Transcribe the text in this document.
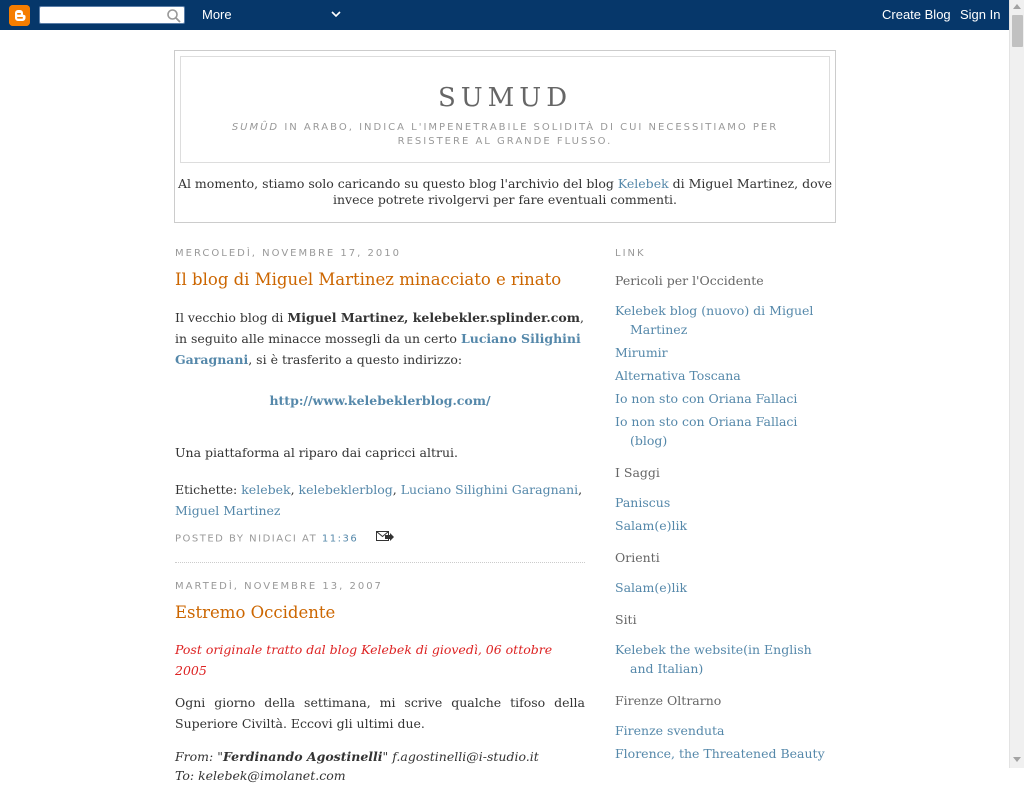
More	Create Blog Sign In
SUMUD
SUMÛD IN ARABO, INDICA L'IMPENETRABILE SOLIDITÀ DI CUI NECESSITIAMO PER RESISTERE AL GRANDE FLUSSO.
Al momento, stiamo solo caricando su questo blog l'archivio del blog Kelebek di Miguel Martinez, dove invece potrete rivolgervi per fare eventuali commenti.
MERCOLEDÌ, NOVEMBRE 17, 2010
Il blog di Miguel Martinez minacciato e rinato

Il vecchio blog di Miguel Martinez, kelebekler.splinder.com, in seguito alle minacce mossegli da un certo Luciano Silighini Garagnani, si è trasferito a questo indirizzo:

http://www.kelebeklerblog.com/

Una piattaforma al riparo dai capricci altrui.

Etichette: kelebek, kelebeklerblog, Luciano Silighini Garagnani, Miguel Martinez

POSTED BY NIDIACI AT 11:36
MARTEDÌ, NOVEMBRE 13, 2007
Estremo Occidente

Post originale tratto dal blog Kelebek di giovedì, 06 ottobre 2005

Ogni giorno della settimana, mi scrive qualche tifoso della Superiore Civiltà. Eccovi gli ultimi due.

From: "Ferdinando Agostinelli" f.agostinelli@i-studio.it

To: kelebek@imolanet.com

LINK
Pericoli per l'Occidente
Kelebek blog (nuovo) di Miguel Martinez
Mirumir
Alternativa Toscana
Io non sto con Oriana Fallaci
Io non sto con Oriana Fallaci (blog)
I Saggi
Paniscus
Salam(e)lik
Orienti
Salam(e)lik
Siti
Kelebek the website(in English and Italian)
Firenze Oltrarno
Firenze svenduta
Florence, the Threatened Beauty
